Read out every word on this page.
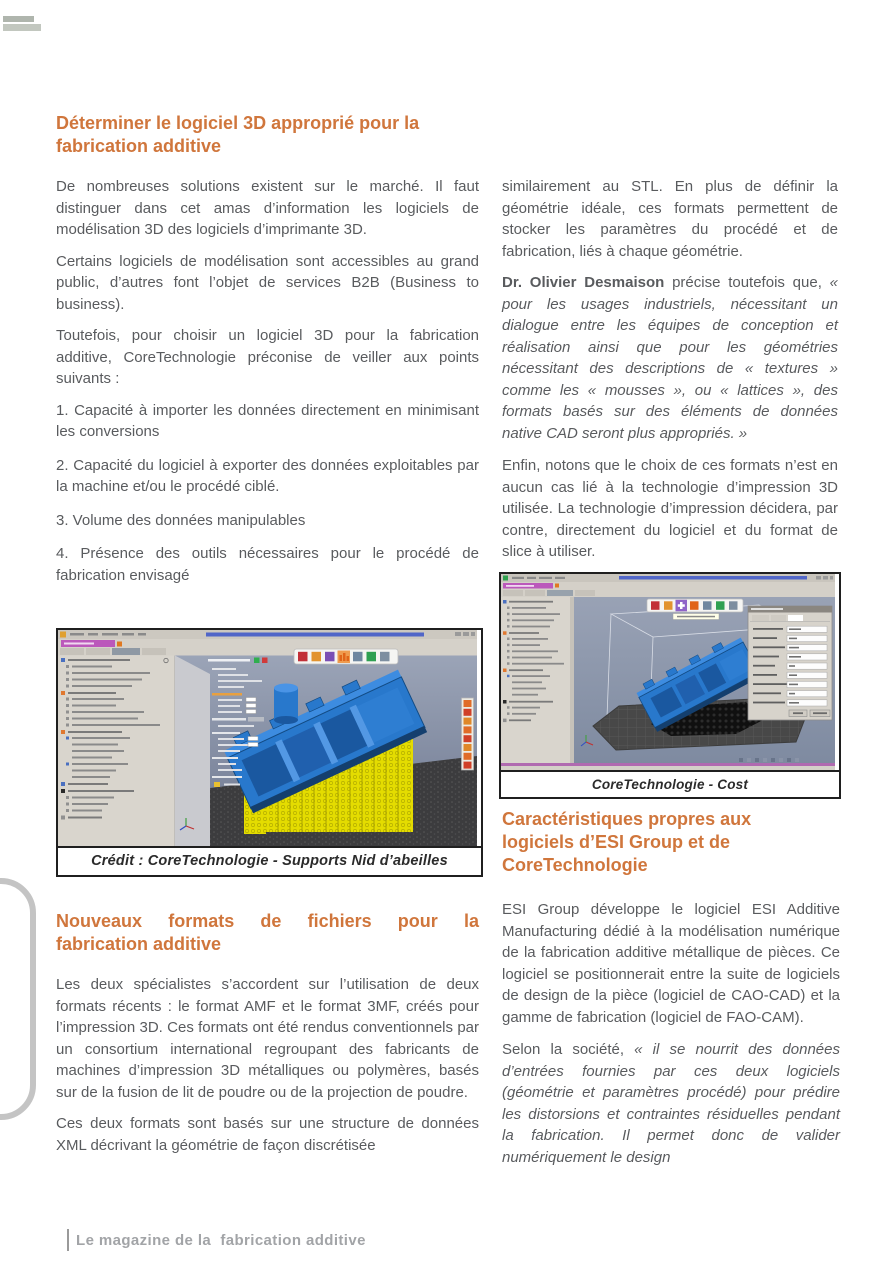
Déterminer le logiciel 3D approprié pour la
fabrication additive

De nombreuses solutions existent sur le marché. Il faut distinguer dans cet amas d’information les logiciels de modélisation 3D des logiciels d’imprimante 3D.

Certains logiciels de modélisation sont accessibles au grand public, d’autres font l’objet de services B2B (Business to business).

Toutefois, pour choisir un logiciel 3D pour la fabrication additive, CoreTechnologie préconise de veiller aux points suivants :

1. Capacité à importer les données directement en minimisant les conversions

2. Capacité du logiciel à exporter des données exploitables par la machine et/ou le procédé ciblé.

3. Volume des données manipulables

4. Présence des outils nécessaires pour le procédé de fabrication envisagé

Crédit : CoreTechnologie - Supports Nid d’abeilles
Nouveaux formats de fichiers pour la
fabrication additive

Les deux spécialistes s’accordent sur l’utilisation de deux formats récents : le format AMF et le format 3MF, créés pour l’impression 3D. Ces formats ont été rendus conventionnels par un consortium international regroupant des fabricants de machines d’impression 3D métalliques ou polymères, basés sur de la fusion de lit de poudre ou de la projection de poudre.

Ces deux formats sont basés sur une structure de données XML décrivant la géométrie de façon discrétisée

similairement au STL. En plus de définir la géométrie idéale, ces formats permettent de stocker les paramètres du procédé et de fabrication, liés à chaque géométrie.

Dr. Olivier Desmaison précise toutefois que, « pour les usages industriels, nécessitant un dialogue entre les équipes de conception et réalisation ainsi que pour les géométries nécessitant des descriptions de « textures » comme les « mousses », ou « lattices », des formats basés sur des éléments de données native CAD seront plus appropriés. »

Enfin, notons que le choix de ces formats n’est en aucun cas lié à la technologie d’impression 3D utilisée. La technologie d’impression décidera, par contre, directement du logiciel et du format de slice à utiliser.

CoreTechnologie - Cost
Caractéristiques propres aux
logiciels d’ESI Group et de
CoreTechnologie

ESI Group développe le logiciel ESI Additive Manufacturing dédié à la modélisation numérique de la fabrication additive métallique de pièces. Ce logiciel se positionnerait entre la suite de logiciels de design de la pièce (logiciel de CAO-CAD) et la gamme de fabrication (logiciel de FAO-CAM).

Selon la société, « il se nourrit des données d’entrées fournies par ces deux logiciels (géométrie et paramètres procédé) pour prédire les distorsions et contraintes résiduelles pendant la fabrication. Il permet donc de valider numériquement le design

Le magazine de la  fabrication additive
